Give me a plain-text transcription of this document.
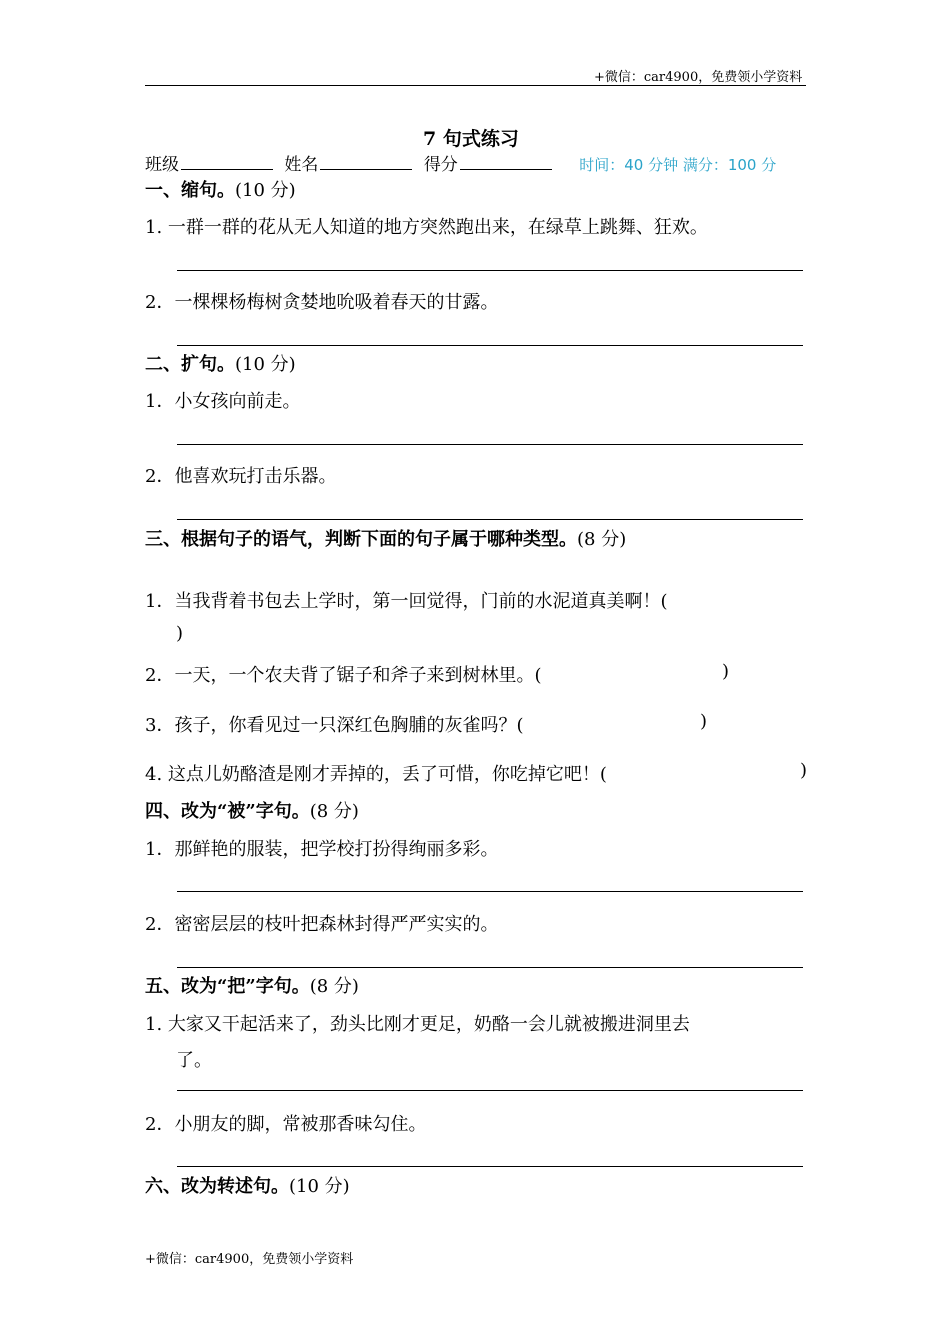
+微信：car4900，免费领小学资料
7 句式练习
班级	姓名	得分	时间：40 分钟 满分：100 分
一、缩句。(10 分)
1. 一群一群的花从无人知道的地方突然跑出来，在绿草上跳舞、狂欢。
2．一棵棵杨梅树贪婪地吮吸着春天的甘露。
二、扩句。(10 分)
1．小女孩向前走。
2．他喜欢玩打击乐器。
三、根据句子的语气，判断下面的句子属于哪种类型。(8 分)
1．当我背着书包去上学时，第一回觉得，门前的水泥道真美啊！(
)
2．一天，一个农夫背了锯子和斧子来到树林里。(	)
3．孩子，你看见过一只深红色胸脯的灰雀吗？(	)
4. 这点儿奶酪渣是刚才弄掉的，丢了可惜，你吃掉它吧！(	)
四、改为“被”字句。(8 分)
1．那鲜艳的服装，把学校打扮得绚丽多彩。
2．密密层层的枝叶把森林封得严严实实的。
五、改为“把”字句。(8 分)
1. 大家又干起活来了，劲头比刚才更足，奶酪一会儿就被搬进洞里去
了。
2．小朋友的脚，常被那香味勾住。
六、改为转述句。(10 分)
+微信：car4900，免费领小学资料
